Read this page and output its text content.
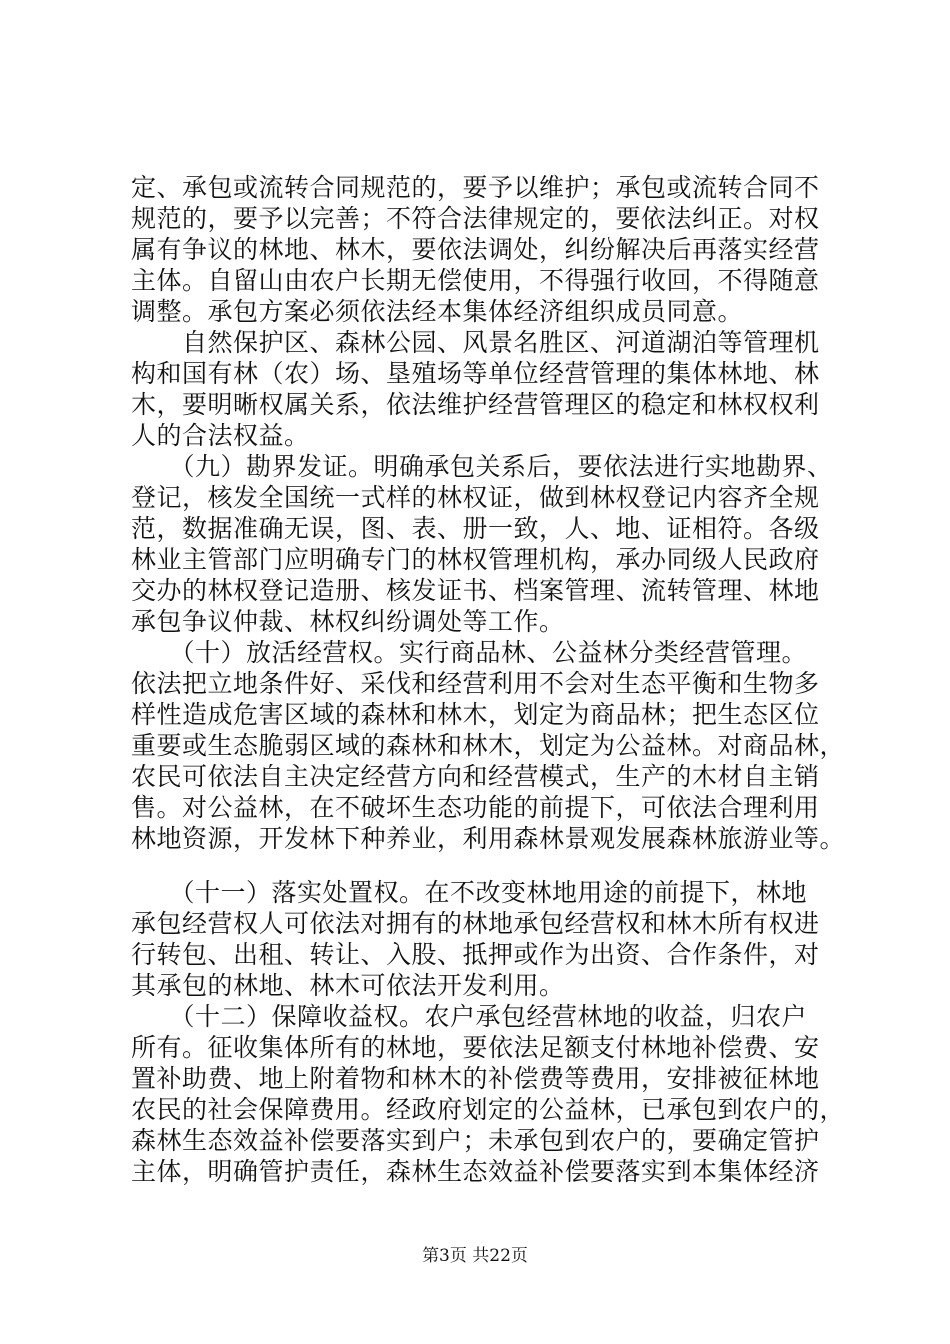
定、承包或流转合同规范的，要予以维护；承包或流转合同不
规范的，要予以完善；不符合法律规定的，要依法纠正。对权
属有争议的林地、林木，要依法调处，纠纷解决后再落实经营
主体。自留山由农户长期无偿使用，不得强行收回，不得随意
调整。承包方案必须依法经本集体经济组织成员同意。
　　自然保护区、森林公园、风景名胜区、河道湖泊等管理机
构和国有林（农）场、垦殖场等单位经营管理的集体林地、林
木，要明晰权属关系，依法维护经营管理区的稳定和林权权利
人的合法权益。
　　（九）勘界发证。明确承包关系后，要依法进行实地勘界、
登记，核发全国统一式样的林权证，做到林权登记内容齐全规
范，数据准确无误，图、表、册一致，人、地、证相符。各级
林业主管部门应明确专门的林权管理机构，承办同级人民政府
交办的林权登记造册、核发证书、档案管理、流转管理、林地
承包争议仲裁、林权纠纷调处等工作。
　　（十）放活经营权。实行商品林、公益林分类经营管理。
依法把立地条件好、采伐和经营利用不会对生态平衡和生物多
样性造成危害区域的森林和林木，划定为商品林；把生态区位
重要或生态脆弱区域的森林和林木，划定为公益林。对商品林，
农民可依法自主决定经营方向和经营模式，生产的木材自主销
售。对公益林，在不破坏生态功能的前提下，可依法合理利用
林地资源，开发林下种养业，利用森林景观发展森林旅游业等。
　　（十一）落实处置权。在不改变林地用途的前提下，林地
承包经营权人可依法对拥有的林地承包经营权和林木所有权进
行转包、出租、转让、入股、抵押或作为出资、合作条件，对
其承包的林地、林木可依法开发利用。
　　（十二）保障收益权。农户承包经营林地的收益，归农户
所有。征收集体所有的林地，要依法足额支付林地补偿费、安
置补助费、地上附着物和林木的补偿费等费用，安排被征林地
农民的社会保障费用。经政府划定的公益林，已承包到农户的，
森林生态效益补偿要落实到户；未承包到农户的，要确定管护
主体，明确管护责任，森林生态效益补偿要落实到本集体经济
第3页 共22页
